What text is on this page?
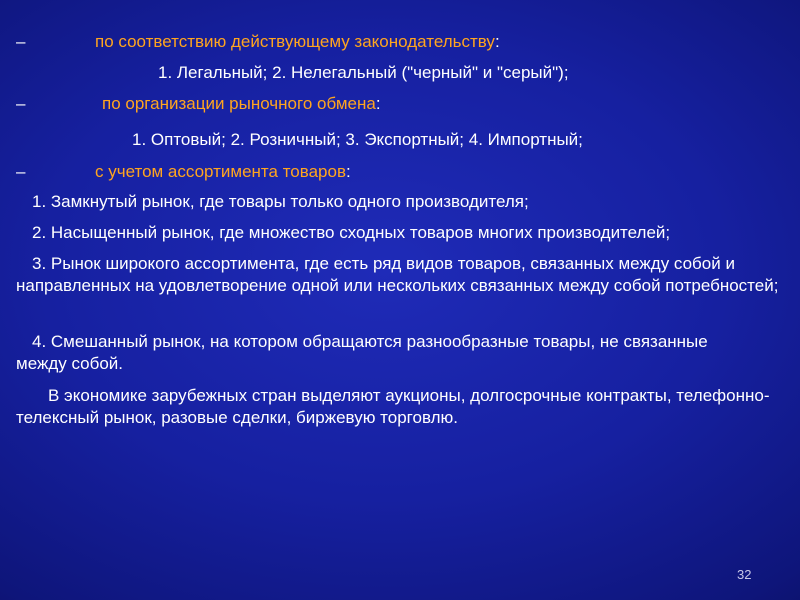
–	по соответствию действующему законодательству:
1. Легальный; 2. Нелегальный ("черный" и "серый");
–	по организации рыночного обмена:
1. Оптовый; 2. Розничный; 3. Экспортный; 4. Импортный;
–	с учетом ассортимента товаров:
1. Замкнутый рынок, где товары только одного производителя;
2. Насыщенный рынок, где множество сходных товаров многих производителей;
3. Рынок широкого ассортимента, где есть ряд видов товаров, связанных между собой и направленных на удовлетворение одной или нескольких связанных между собой потребностей;
4. Смешанный рынок, на котором обращаются разнообразные товары, не связанные между собой.
В экономике зарубежных стран выделяют аукционы, долгосрочные контракты, телефонно-телексный рынок, разовые сделки, биржевую торговлю.
32
